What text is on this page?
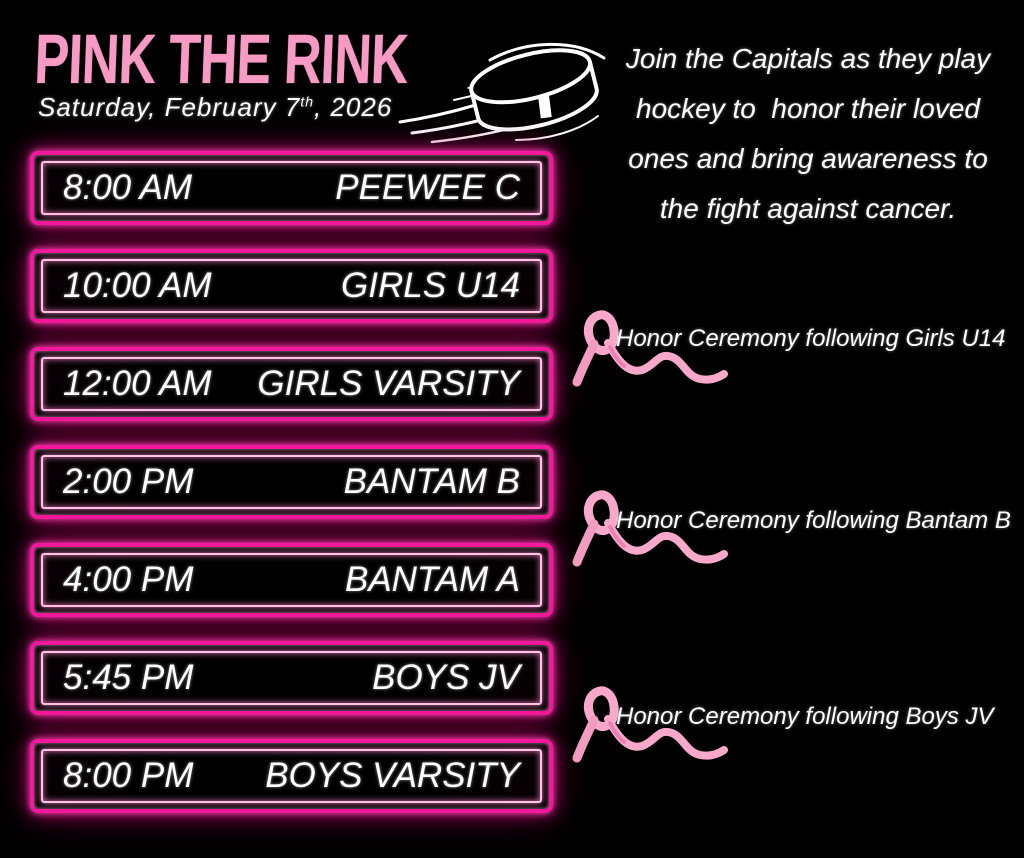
PINK THE RINK
Saturday, February 7th, 2026
Join the Capitals as they play
hockey to  honor their loved
ones and bring awareness to
the fight against cancer.
8:00 AM	PEEWEE C
10:00 AM	GIRLS U14
12:00 AM GIRLS VARSITY
2:00 PM	BANTAM B
4:00 PM	BANTAM A
5:45 PM	BOYS JV
8:00 PM BOYS VARSITY
Honor Ceremony following Girls U14
Honor Ceremony following Bantam B
Honor Ceremony following Boys JV
